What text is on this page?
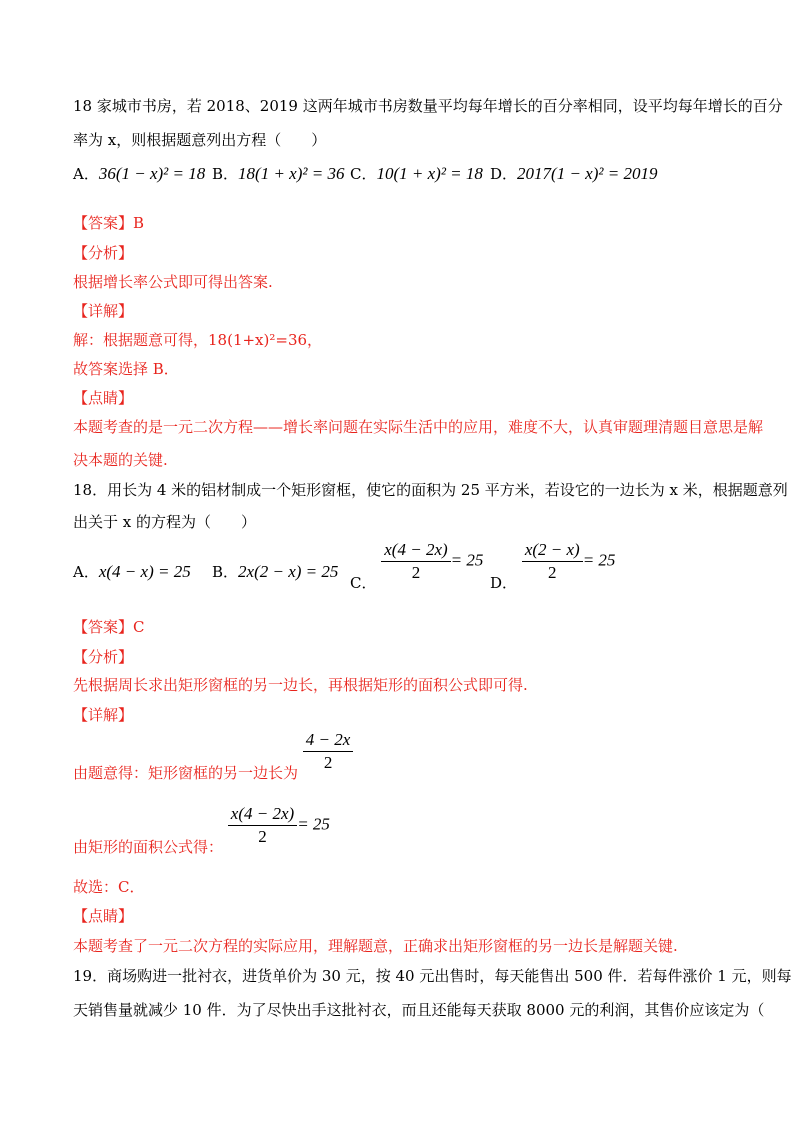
18 家城市书房，若 2018、2019 这两年城市书房数量平均每年增长的百分率相同，设平均每年增长的百分
率为 x，则根据题意列出方程（　　）
A．36(1 − x)² = 18 B．18(1 + x)² = 36 C．10(1 + x)² = 18 D．2017(1 − x)² = 2019
【答案】B
【分析】
根据增长率公式即可得出答案.
【详解】
解：根据题意可得，18(1+x)²=36，
故答案选择 B．
【点睛】
本题考查的是一元二次方程——增长率问题在实际生活中的应用，难度不大，认真审题理清题目意思是解
决本题的关键.
18．用长为 4 米的铝材制成一个矩形窗框，使它的面积为 25 平方米，若设它的一边长为 x 米，根据题意列
出关于 x 的方程为（　　）
A．x(4 − x) = 25 B．2x(2 − x) = 25
C． $\frac{x(4 - 2x)}{2} = 25$
D． $\frac{x(2 - x)}{2} = 25$
【答案】C
【分析】
先根据周长求出矩形窗框的另一边长，再根据矩形的面积公式即可得.
【详解】
由题意得：矩形窗框的另一边长为 $\frac{4 - 2x}{2}$
由矩形的面积公式得： $\frac{x(4 - 2x)}{2} = 25$
故选：C．
【点睛】
本题考查了一元二次方程的实际应用，理解题意，正确求出矩形窗框的另一边长是解题关键.
19．商场购进一批衬衣，进货单价为 30 元，按 40 元出售时，每天能售出 500 件．若每件涨价 1 元，则每
天销售量就减少 10 件．为了尽快出手这批衬衣，而且还能每天获取 8000 元的利润，其售价应该定为（
